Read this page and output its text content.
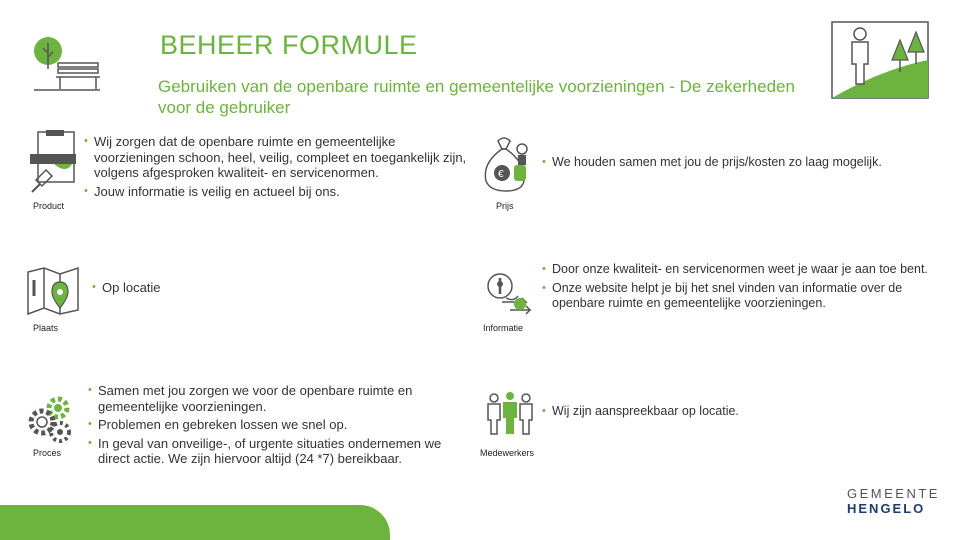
BEHEER FORMULE
Gebruiken van de openbare ruimte en gemeentelijke voorzieningen - De zekerheden voor de gebruiker
Product
• Wij zorgen dat de openbare ruimte en gemeentelijke voorzieningen schoon, heel, veilig, compleet en toegankelijk zijn, volgens afgesproken kwaliteit- en servicenormen.
• Jouw informatie is veilig en actueel bij ons.
€
Prijs
• We houden samen met jou de prijs/kosten zo laag mogelijk.
Plaats
• Op locatie
Informatie
• Door onze kwaliteit- en servicenormen weet je waar je aan toe bent.
• Onze website helpt je bij het snel vinden van informatie over de openbare ruimte en gemeentelijke voorzieningen.
Proces
• Samen met jou zorgen we voor de openbare ruimte en gemeentelijke voorzieningen.
• Problemen en gebreken lossen we snel op.
• In geval van onveilige-, of urgente situaties ondernemen we direct actie. We zijn hiervoor altijd (24 *7) bereikbaar.	Medewerkers
• Wij zijn aanspreekbaar op locatie.
GEMEENTE
HENGELO
